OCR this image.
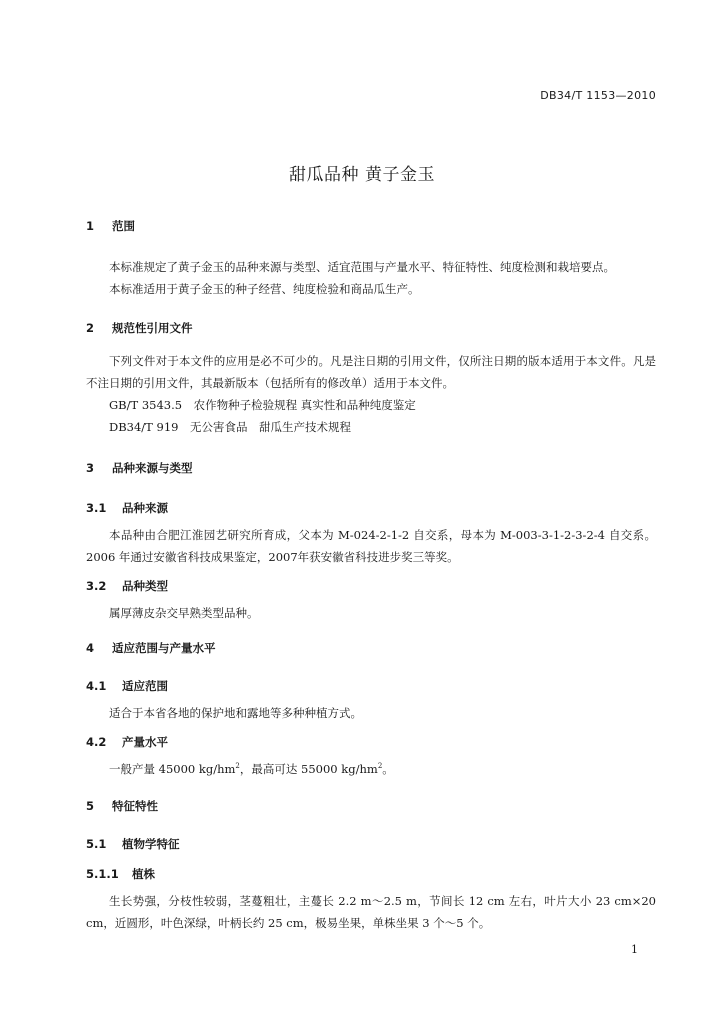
DB34/T 1153—2010
甜瓜品种 黄子金玉
1 范围

本标准规定了黄子金玉的品种来源与类型、适宜范围与产量水平、特征特性、纯度检测和栽培要点。

本标准适用于黄子金玉的种子经营、纯度检验和商品瓜生产。

2 规范性引用文件

下列文件对于本文件的应用是必不可少的。凡是注日期的引用文件，仅所注日期的版本适用于本文件。凡是不注日期的引用文件，其最新版本（包括所有的修改单）适用于本文件。

GB/T 3543.5　农作物种子检验规程 真实性和品种纯度鉴定

DB34/T 919　无公害食品　甜瓜生产技术规程

3 品种来源与类型
3.1 品种来源

本品种由合肥江淮园艺研究所育成，父本为 M-024-2-1-2 自交系，母本为 M-003-3-1-2-3-2-4 自交系。2006 年通过安徽省科技成果鉴定，2007年获安徽省科技进步奖三等奖。

3.2 品种类型

属厚薄皮杂交早熟类型品种。

4 适应范围与产量水平
4.1 适应范围

适合于本省各地的保护地和露地等多种种植方式。

4.2 产量水平

一般产量 45000 $kg/hm^2$，最高可达 55000 $kg/hm^2$。

5 特征特性
5.1 植物学特征
5.1.1 植株

生长势强，分枝性较弱，茎蔓粗壮，主蔓长 2.2 m～2.5 m，节间长 12 cm 左右，叶片大小 23 cm×20 cm，近圆形，叶色深绿，叶柄长约 25 cm，极易坐果，单株坐果 3 个～5 个。

1
